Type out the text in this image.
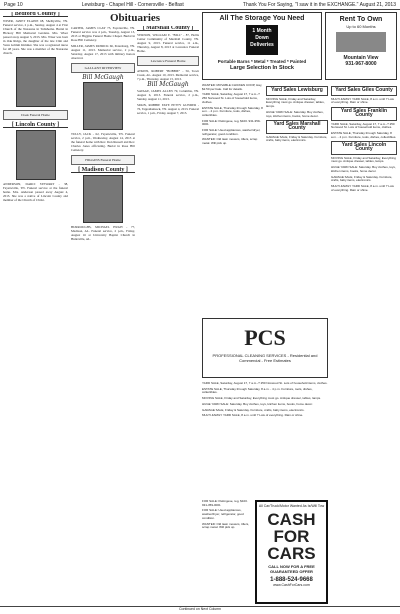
Page 10	Lewisburg - Chapel Hill - Cornersville - Belfast	Thank You For Saying, "I saw it in the EXCHANGE." August 21, 2013
Obituaries
[ Bedford County ]
WISER, JANET ELAINE 68, Shelbyville, TN. Funeral service, 2 p.m., Sunday, August 4 at First Church of the Nazarene in Tullahoma. Burial in Hickory Hill Memorial Gardens. Mrs. Wiser passed away August 3, 2013. Mrs. Wiser was born in Oak Ridge, the daughter of the late Clint and Vesta Grimm Kimmer. She was a registered nurse for 48 years. She was a member of the Nazarene church.
Doak Funeral Home
[ Lincoln County ]
ANDERSON, DARCI STEWART - 38, Fayetteville, TN. Funeral service at the funeral home. Mrs. Anderson passed away August 4, 2013. She was a native of Lincoln County and member of the Church of Christ.
CARTER, JAMES CLAY 73, Fayetteville, TN. Funeral service was 4 p.m., Tuesday, August 13, 2013 at Higgins Funeral Home Chapel. Burial in Rose Hill Cemetery.
MILLER, JAMES PATRICK 66, Petersburg, TN. August 11, 2013. Memorial service, 2 p.m., Saturday, August 17, 2013 with military honors observed.
GALLANT RIVERVIEW
Bill McGaugh
TULLY, JACK - 62, Fayetteville, TN. Funeral service, 2 p.m., Wednesday, August 14, 2013 at the funeral home with Rev. Don Russell and Rev. Charles Jones officiating. Burial in Rose Hill Cemetery.
HIGGINS Funeral Home
[ Madison County ]
BURROUGHS, MICHAEL HUGH - 77, Madison, AL. Funeral service, 2 p.m., Friday, August 16 at University Baptist Church in Huntsville, AL.
[ Marshall County ]
VERNON, WILLIAM E. "BILL" - 87, Hollis Center Community of Marshall County, TN. August 9, 2013. Funeral service, 11 a.m., Thursday, August 8, 2013 at Lawrence Funeral Home.
Lawrence Funeral Home
ATKINS, ROBERT "BOBBIE" - 56, Town Creek, AL. August 10, 2013. Memorial service, 7 p.m., Thursday, August 15, 2013.
Bill McGaugh
SAVAGE, JAMES ALLEN 79, Columbia, TN. August 6, 2013. Funeral service, 2 p.m., Sunday, August 11, 2013.
SPAIN, ROBBIE FAYE PETTY GUNDER - 76, Tappahannock, TN. August 4, 2013. Funeral service, 1 p.m., Friday, August 7, 2013.
All The Storage You Need
1 Month
Down
Deliveries
Portable Barns * Metal * Treated * Painted
Large Selection In Stock
Rent To Own
Up to 60 Months
Mountain View
931-967-8000
WANTED: MOVABLE CHICKEN COOP, Hay, $2.50 per bale. Call for details.
YARD SALE, Saturday, August 17, 7 a.m.-? 250 Norwood St. Lots of household items, clothes.
ESTATE SALE, Thursday through Saturday, 8 a.m. - 4 p.m. Furniture, tools, dishes, collectibles.
FOR SALE: Pekingese, reg, $100. 931-359-0001
FOR SALE: Used appliances, washer/dryer, refrigerator, good condition.
WANTED: Old lawn mowers, tillers, scrap metal. Will pick up.
Yard Sales Lewisburg
MOVING SALE, Friday and Saturday, Everything must go. Antique dresser, tables, lamps.
HUGE YARD SALE: Saturday. Boy clothes, toys, kitchen items, books, home decor.
Yard Sales Marshall County
GARAGE SALE, Friday & Saturday. Furniture, crafts, baby items, electronics.
Yard Sales Giles County
MULTI-FAMILY YARD SALE, 8 a.m. until ? Lots of everything. Rain or shine.
Yard Sales Franklin County
YARD SALE, Saturday, August 17, 7 a.m.-? 250 Norwood St. Lots of household items, clothes.
ESTATE SALE, Thursday through Saturday, 8 a.m. - 4 p.m. Furniture, tools, dishes, collectibles.
Yard Sales Lincoln County
MOVING SALE, Friday and Saturday, Everything must go. Antique dresser, tables, lamps.
HUGE YARD SALE: Saturday. Boy clothes, toys, kitchen items, books, home decor.
GARAGE SALE, Friday & Saturday. Furniture, crafts, baby items, electronics.
MULTI-FAMILY YARD SALE, 8 a.m. until ? Lots of everything. Rain or shine.
PCS
PROFESSIONAL CLEANING SERVICES - Residential and Commercial - Free Estimates
YARD SALE, Saturday, August 17, 7 a.m.-? 250 Norwood St. Lots of household items, clothes.
ESTATE SALE, Thursday through Saturday, 8 a.m. - 4 p.m. Furniture, tools, dishes, collectibles.
MOVING SALE, Friday and Saturday, Everything must go. Antique dresser, tables, lamps.
HUGE YARD SALE: Saturday. Boy clothes, toys, kitchen items, books, home decor.
GARAGE SALE, Friday & Saturday. Furniture, crafts, baby items, electronics.
MULTI-FAMILY YARD SALE, 8 a.m. until ? Lots of everything. Rain or shine.
All Car/Truck/Motor Wanted As Is/Will Tow
CASH FOR CARS
CALL NOW FOR A FREE GUARANTEED OFFER
1-888-524-9668
www.CashForCars.com
FOR SALE: Pekingese, reg, $100. 931-359-0001
FOR SALE: Used appliances, washer/dryer, refrigerator, good condition.
WANTED: Old lawn mowers, tillers, scrap metal. Will pick up.
Continued on Next Column
